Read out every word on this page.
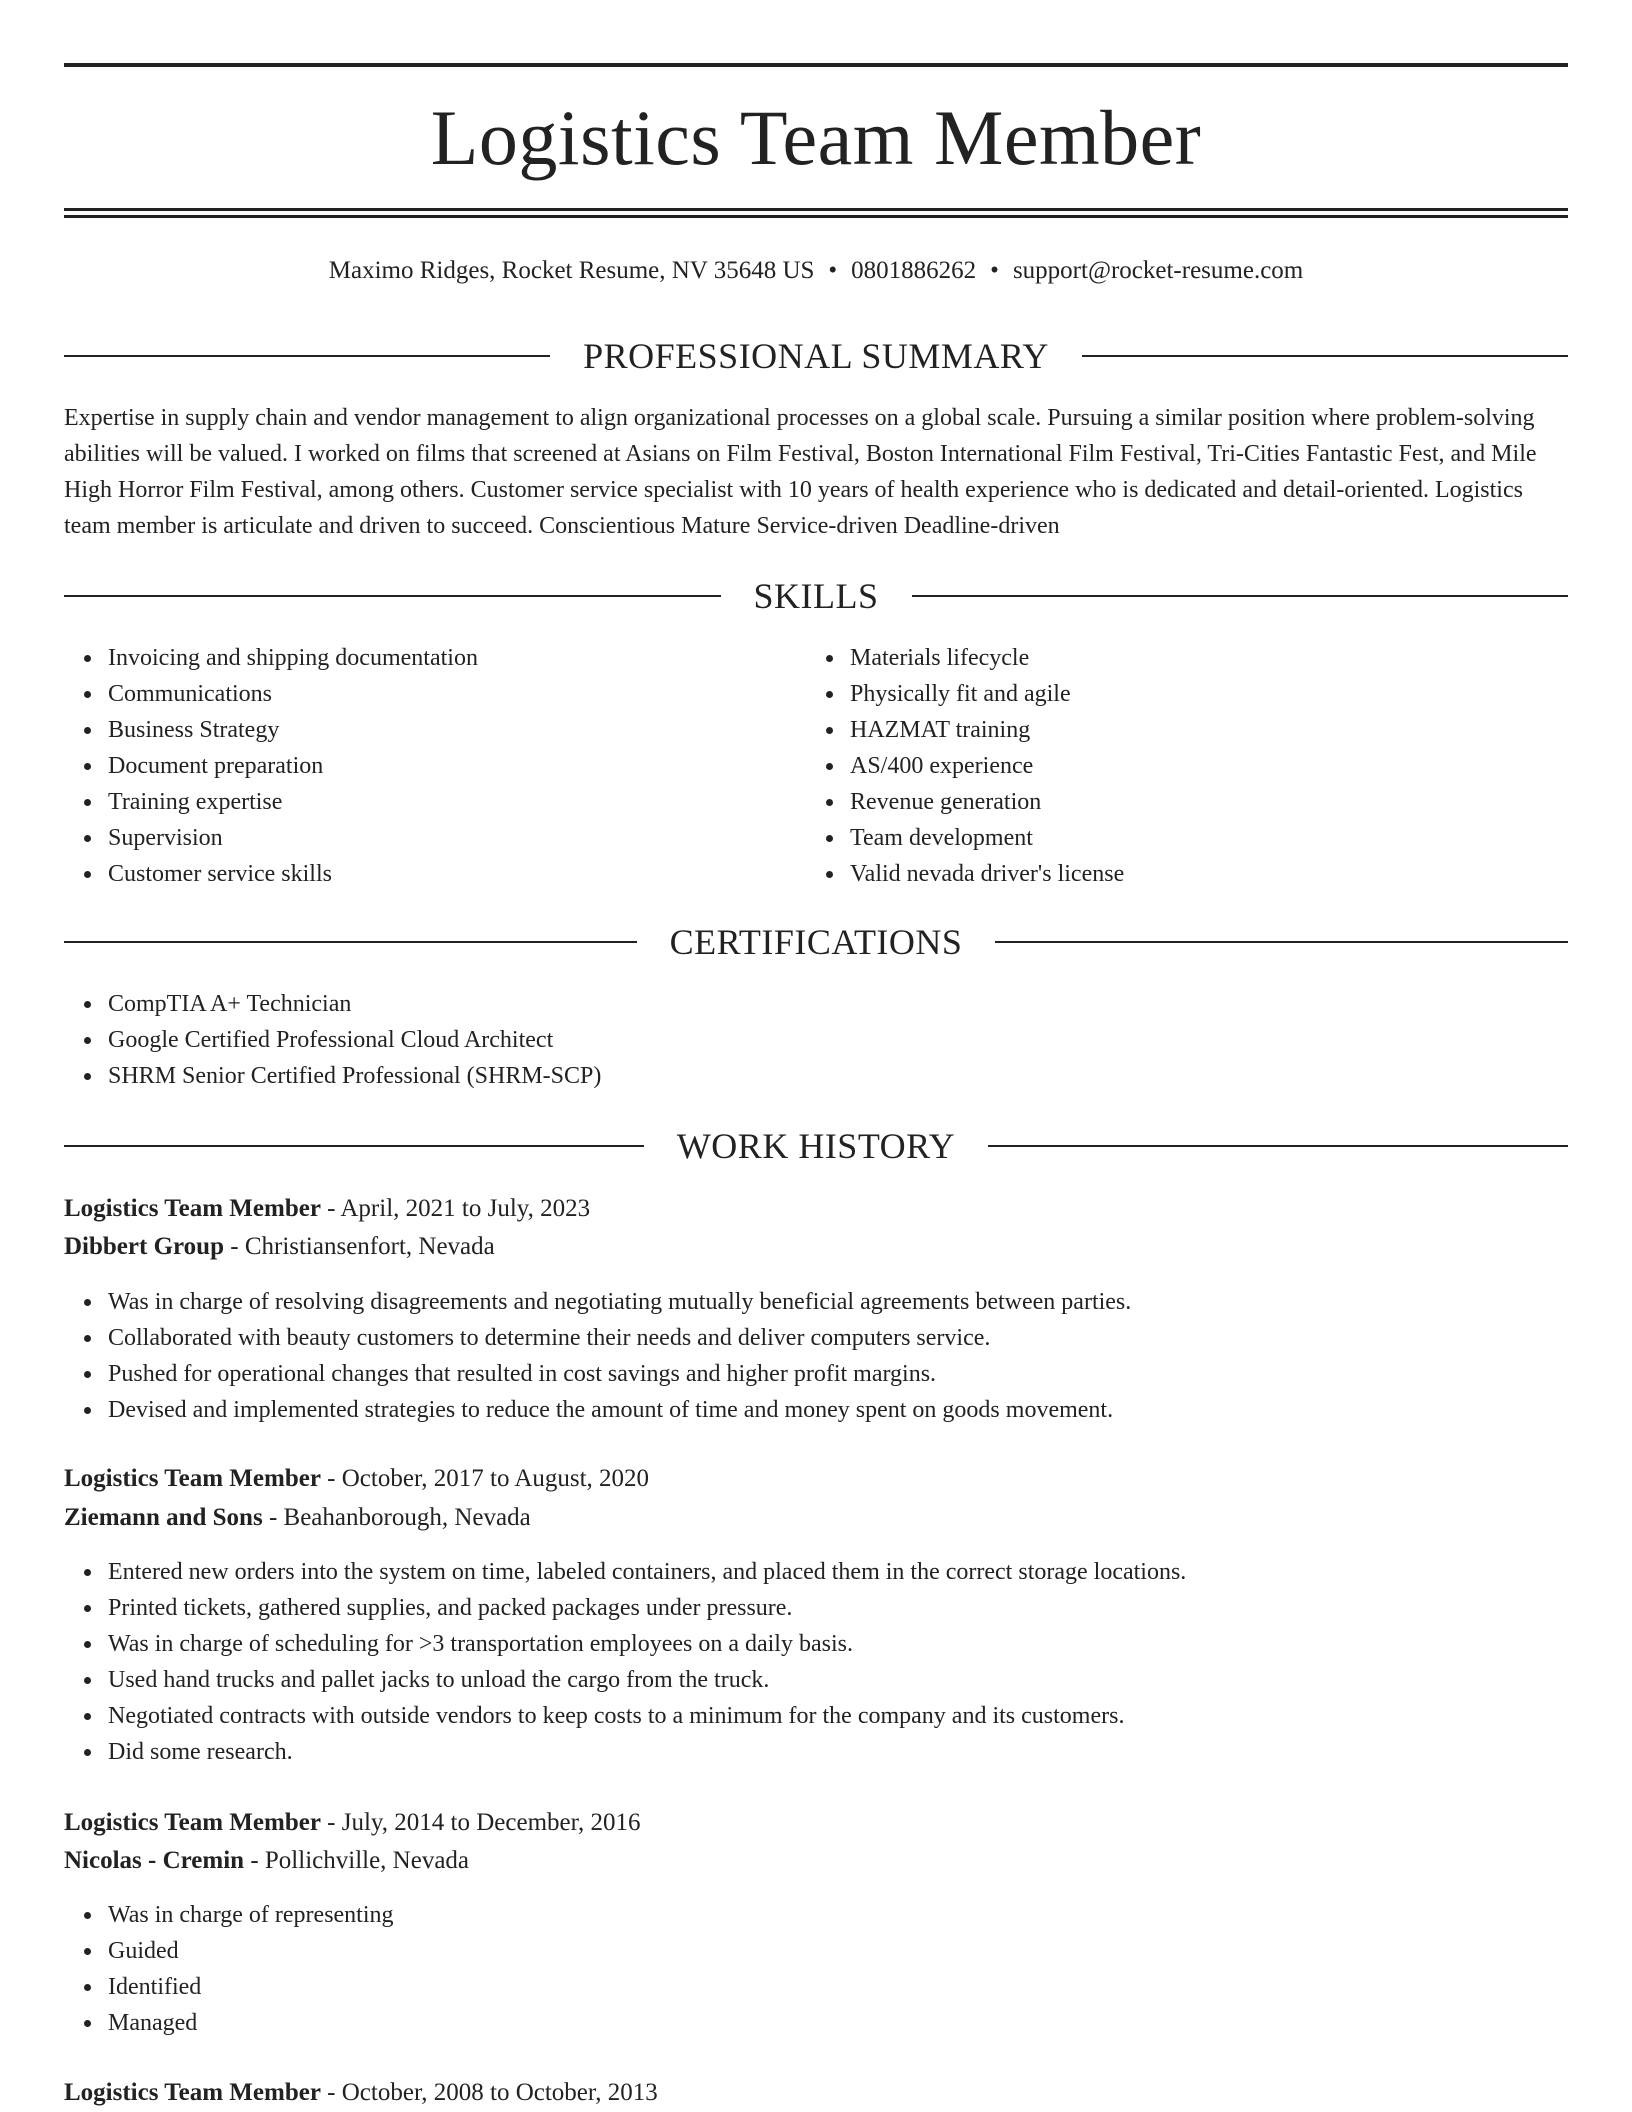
Logistics Team Member
Maximo Ridges, Rocket Resume, NV 35648 US • 0801886262 • support@rocket-resume.com
PROFESSIONAL SUMMARY

Expertise in supply chain and vendor management to align organizational processes on a global scale. Pursuing a similar position where problem-solving abilities will be valued. I worked on films that screened at Asians on Film Festival, Boston International Film Festival, Tri-Cities Fantastic Fest, and Mile High Horror Film Festival, among others. Customer service specialist with 10 years of health experience who is dedicated and detail-oriented. Logistics team member is articulate and driven to succeed. Conscientious Mature Service-driven Deadline-driven

SKILLS
Invoicing and shipping documentation
Communications
Business Strategy
Document preparation
Training expertise
Supervision
Customer service skills
Materials lifecycle
Physically fit and agile
HAZMAT training
AS/400 experience
Revenue generation
Team development
Valid nevada driver's license
CERTIFICATIONS
CompTIA A+ Technician
Google Certified Professional Cloud Architect
SHRM Senior Certified Professional (SHRM-SCP)
WORK HISTORY
Logistics Team Member - April, 2021 to July, 2023
Dibbert Group - Christiansenfort, Nevada
Was in charge of resolving disagreements and negotiating mutually beneficial agreements between parties.
Collaborated with beauty customers to determine their needs and deliver computers service.
Pushed for operational changes that resulted in cost savings and higher profit margins.
Devised and implemented strategies to reduce the amount of time and money spent on goods movement.
Logistics Team Member - October, 2017 to August, 2020
Ziemann and Sons - Beahanborough, Nevada
Entered new orders into the system on time, labeled containers, and placed them in the correct storage locations.
Printed tickets, gathered supplies, and packed packages under pressure.
Was in charge of scheduling for >3 transportation employees on a daily basis.
Used hand trucks and pallet jacks to unload the cargo from the truck.
Negotiated contracts with outside vendors to keep costs to a minimum for the company and its customers.
Did some research.
Logistics Team Member - July, 2014 to December, 2016
Nicolas - Cremin - Pollichville, Nevada
Was in charge of representing
Guided
Identified
Managed
Logistics Team Member - October, 2008 to October, 2013
